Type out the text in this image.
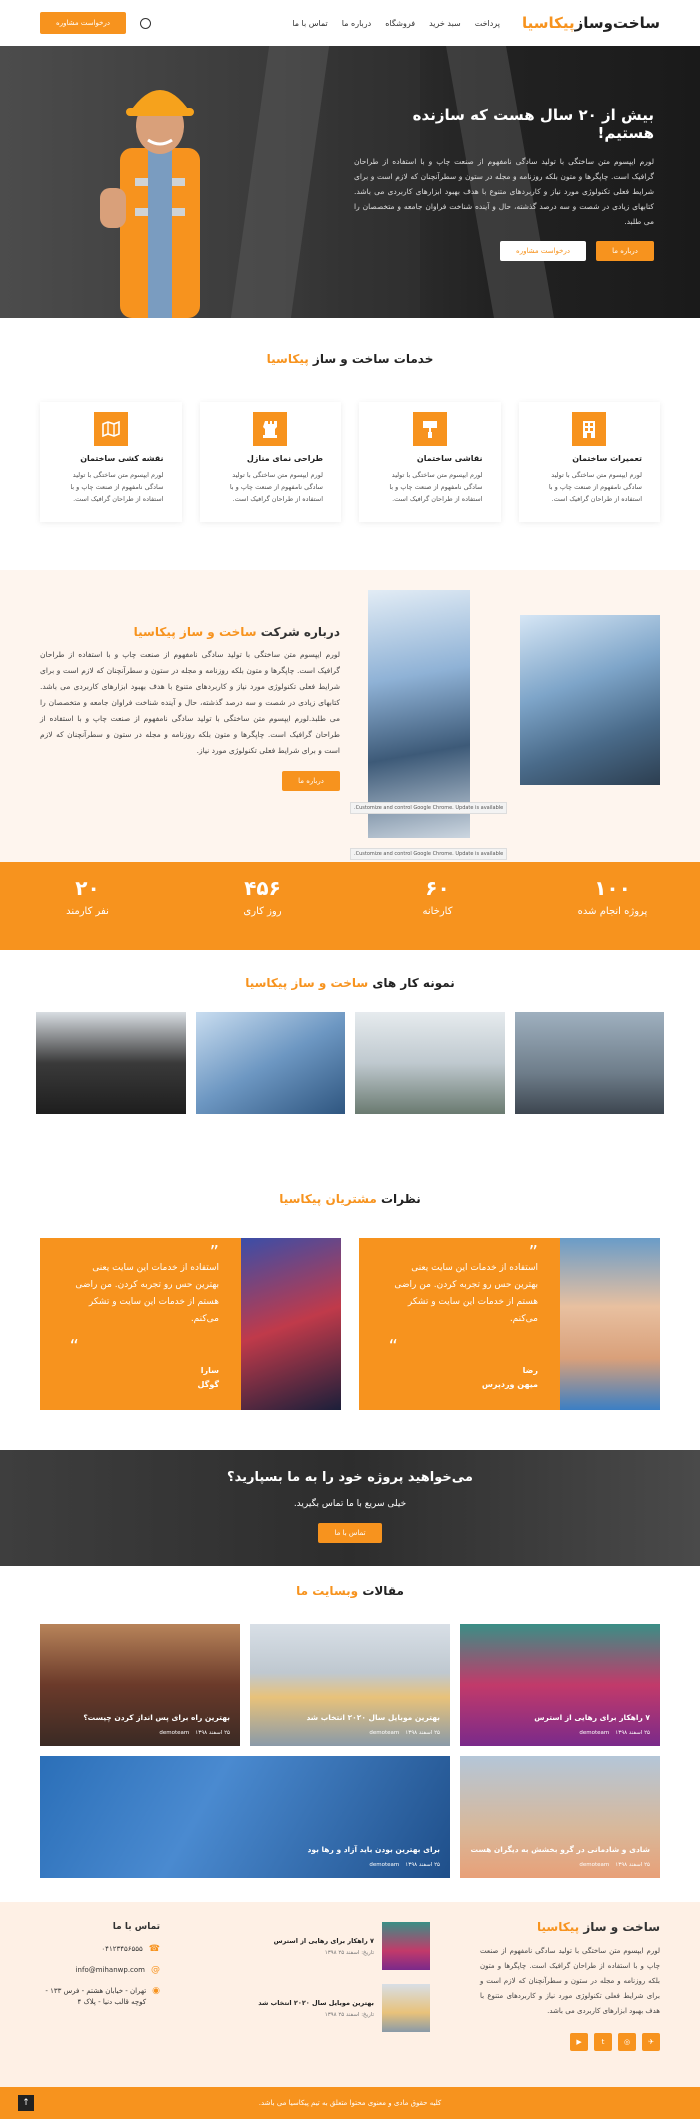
ساخت‌وسازپیکاسیا
پرداخت
سبد خرید
فروشگاه
درباره ما
تماس با ما
درخواست مشاوره
بیش از ۲۰ سال هست که سازنده هستیم!

لورم ایپسوم متن ساختگی با تولید سادگی نامفهوم از صنعت چاپ و با استفاده از طراحان گرافیک است. چاپگرها و متون بلکه روزنامه و مجله در ستون و سطرآنچنان که لازم است و برای شرایط فعلی تکنولوژی مورد نیاز و کاربردهای متنوع با هدف بهبود ابزارهای کاربردی می باشد. کتابهای زیادی در شصت و سه درصد گذشته، حال و آینده شناخت فراوان جامعه و متخصصان را می طلبد.

درباره ما
درخواست مشاوره
خدمات ساخت و ساز پیکاسیا
تعمیرات ساختمان

لورم ایپسوم متن ساختگی با تولید سادگی نامفهوم از صنعت چاپ و با استفاده از طراحان گرافیک است.

نقاشی ساختمان

لورم ایپسوم متن ساختگی با تولید سادگی نامفهوم از صنعت چاپ و با استفاده از طراحان گرافیک است.

طراحی نمای منازل

لورم ایپسوم متن ساختگی با تولید سادگی نامفهوم از صنعت چاپ و با استفاده از طراحان گرافیک است.

نقشه کشی ساختمان

لورم ایپسوم متن ساختگی با تولید سادگی نامفهوم از صنعت چاپ و با استفاده از طراحان گرافیک است.

درباره شرکت ساخت و ساز پیکاسیا

لورم ایپسوم متن ساختگی با تولید سادگی نامفهوم از صنعت چاپ و با استفاده از طراحان گرافیک است. چاپگرها و متون بلکه روزنامه و مجله در ستون و سطرآنچنان که لازم است و برای شرایط فعلی تکنولوژی مورد نیاز و کاربردهای متنوع با هدف بهبود ابزارهای کاربردی می باشد. کتابهای زیادی در شصت و سه درصد گذشته، حال و آینده شناخت فراوان جامعه و متخصصان را می طلبد.لورم ایپسوم متن ساختگی با تولید سادگی نامفهوم از صنعت چاپ و با استفاده از طراحان گرافیک است. چاپگرها و متون بلکه روزنامه و مجله در ستون و سطرآنچنان که لازم است و برای شرایط فعلی تکنولوژی مورد نیاز.

درباره ما
Customize and control Google Chrome. Update is available.
Customize and control Google Chrome. Update is available.
۱۰۰
پروژه انجام شده
۶۰
کارخانه
۴۵۶
روز کاری
۲۰
نفر کارمند
نمونه کار های ساخت و ساز پیکاسیا
نظرات مشتریان پیکاسیا
”
استفاده از خدمات این سایت یعنی بهترین حس رو تجربه کردن. من راضی هستم از خدمات این سایت و تشکر می‌کنم.
“
رضا
میهن وردپرس
”
استفاده از خدمات این سایت یعنی بهترین حس رو تجربه کردن. من راضی هستم از خدمات این سایت و تشکر می‌کنم.
“
سارا
گوگل
می‌خواهید پروژه خود را به ما بسپارید؟

خیلی سریع با ما تماس بگیرید.

تماس با ما
مقالات وبسایت ما
۷ راهکار برای رهایی از استرس
۲۵ اسفند ۱۳۹۸
demoteam
بهترین موبایل سال ۲۰۲۰ انتخاب شد
۲۵ اسفند ۱۳۹۸
demoteam
بهترین راه برای پس انداز کردن چیست؟
۲۵ اسفند ۱۳۹۸
demoteam
شادی و شادمانی در گرو بخشش به دیگران هست
۲۵ اسفند ۱۳۹۸
demoteam
برای بهترین بودن باید آزاد و رها بود
۲۵ اسفند ۱۳۹۸
demoteam
ساخت و ساز پیکاسیا

لورم ایپسوم متن ساختگی با تولید سادگی نامفهوم از صنعت چاپ و با استفاده از طراحان گرافیک است. چاپگرها و متون بلکه روزنامه و مجله در ستون و سطرآنچنان که لازم است و برای شرایط فعلی تکنولوژی مورد نیاز و کاربردهای متنوع با هدف بهبود ابزارهای کاربردی می باشد.

✈
◎
t
▶
۷ راهکار برای رهایی از استرس
تاریخ: اسفند ۲۵ ۱۳۹۸
بهترین موبایل سال ۲۰۲۰ انتخاب شد
تاریخ: اسفند ۲۵ ۱۳۹۸
تماس با ما
☎
۰۴۱۲۳۴۵۶۵۵۵
@
info@mihanwp.com
◉
تهران - خیابان هشتم - فرس ۱۳۳ - کوچه قالب دنیا - پلاک ۴
کلیه حقوق مادی و معنوی محتوا متعلق به تیم پیکاسیا می باشد.
↑
